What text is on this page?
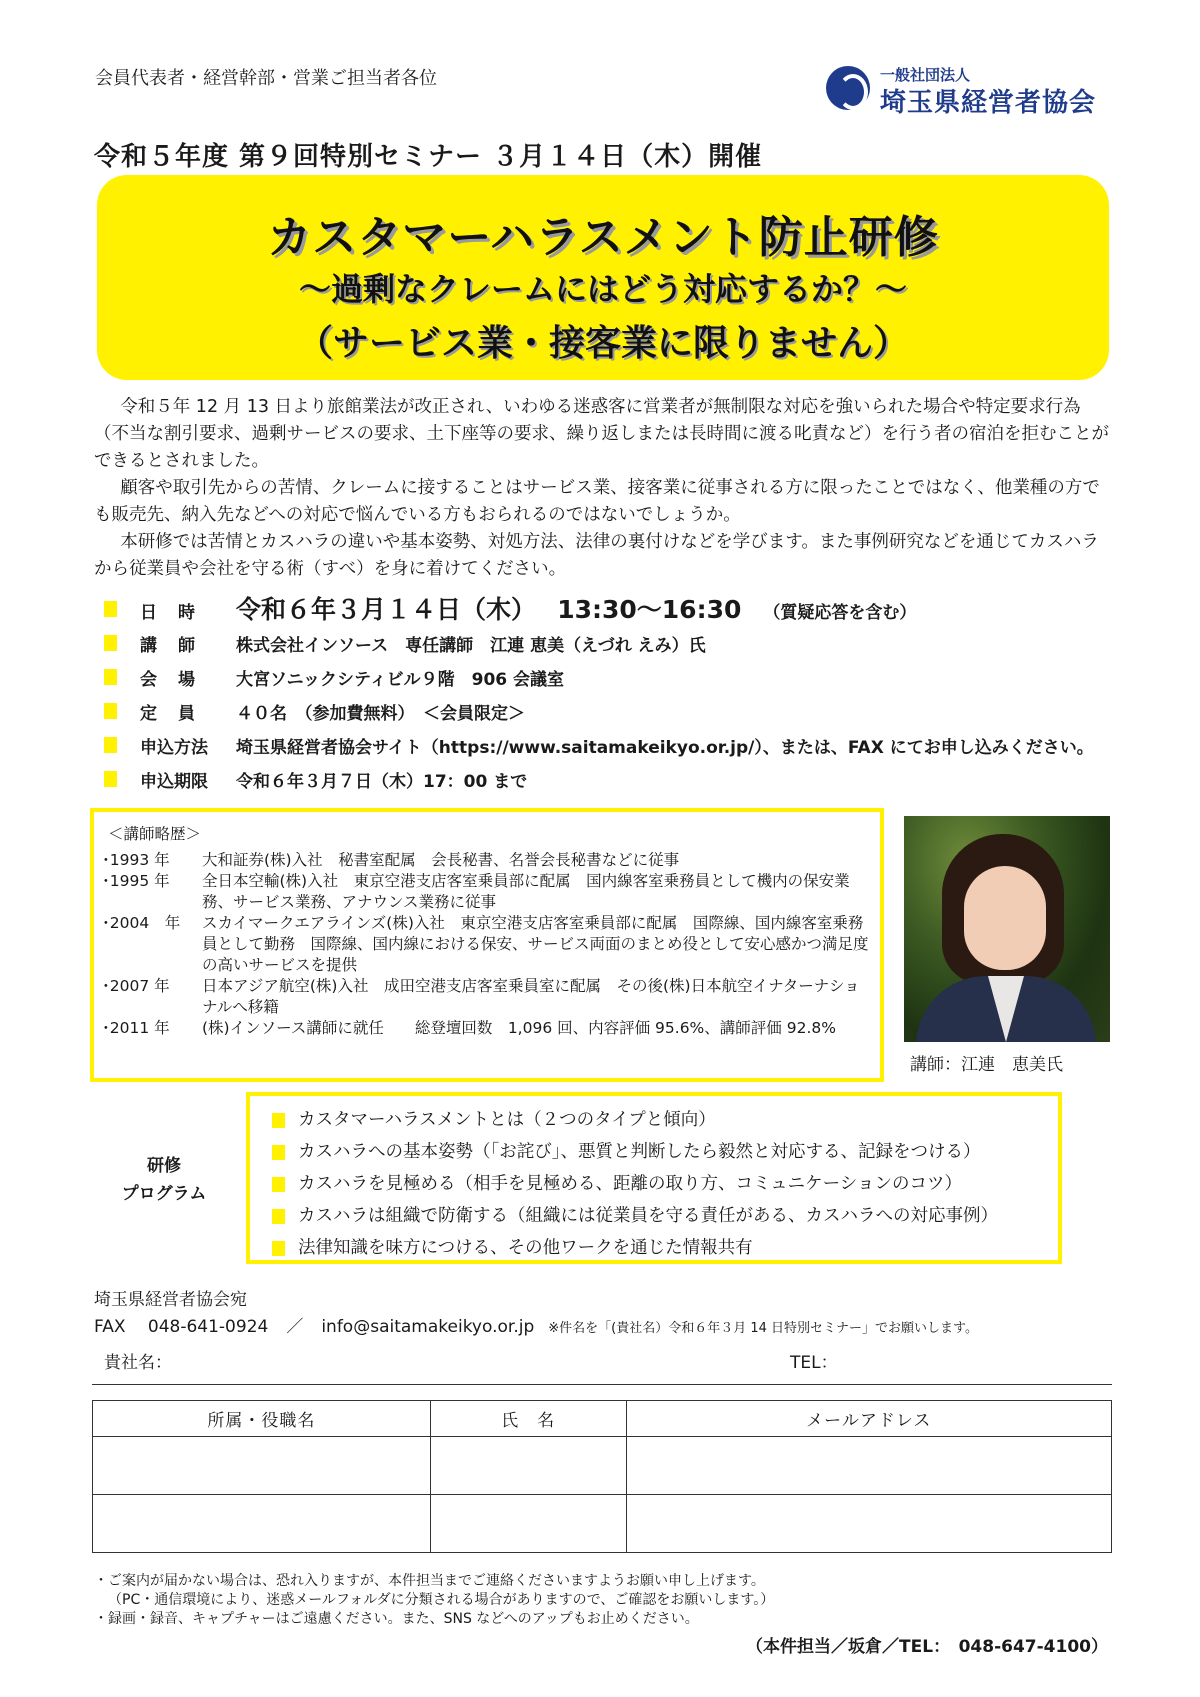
会員代表者・経営幹部・営業ご担当者各位	一般社団法人
埼玉県経営者協会
令和５年度 第９回特別セミナー ３月１４日（木）開催
カスタマーハラスメント防止研修
～過剰なクレームにはどう対応するか？～
（サービス業・接客業に限りません）

令和５年 12 月 13 日より旅館業法が改正され、いわゆる迷惑客に営業者が無制限な対応を強いられた場合や特定要求行為（不当な割引要求、過剰サービスの要求、土下座等の要求、繰り返しまたは長時間に渡る叱責など）を行う者の宿泊を拒むことができるとされました。

顧客や取引先からの苦情、クレームに接することはサービス業、接客業に従事される方に限ったことではなく、他業種の方でも販売先、納入先などへの対応で悩んでいる方もおられるのではないでしょうか。

本研修では苦情とカスハラの違いや基本姿勢、対処方法、法律の裏付けなどを学びます。また事例研究などを通じてカスハラから従業員や会社を守る術（すべ）を身に着けてください。

日　時 令和６年３月１４日（木）　 13:30～16:30 （質疑応答を含む）
講　師 株式会社インソース　専任講師　江連 恵美（えづれ えみ）氏
会　場 大宮ソニックシティビル９階　906 会議室
定　員 ４０名　（参加費無料）　＜会員限定＞
申込方法 埼玉県経営者協会サイト（https://www.saitamakeikyo.or.jp/）、または、FAX にてお申し込みください。
申込期限 令和６年３月７日（木）17：00 まで
＜講師略歴＞
･1993 年	大和証券(株)入社　秘書室配属　会長秘書、名誉会長秘書などに従事
･1995 年	全日本空輸(株)入社　東京空港支店客室乗員部に配属　国内線客室乗務員として機内の保安業務、サービス業務、アナウンス業務に従事
･2004　年	スカイマークエアラインズ(株)入社　東京空港支店客室乗員部に配属　国際線、国内線客室乗務員として勤務　国際線、国内線における保安、サービス両面のまとめ役として安心感かつ満足度の高いサービスを提供
･2007 年	日本アジア航空(株)入社　成田空港支店客室乗員室に配属　その後(株)日本航空イナターナショナルへ移籍
･2011 年	(株)インソース講師に就任　　総登壇回数　1,096 回、内容評価 95.6%、講師評価 92.8%
講師：江連　恵美氏
研修
プログラム
カスタマーハラスメントとは（２つのタイプと傾向）
カスハラへの基本姿勢（「お詫び」、悪質と判断したら毅然と対応する、記録をつける）
カスハラを見極める（相手を見極める、距離の取り方、コミュニケーションのコツ）
カスハラは組織で防衛する（組織には従業員を守る責任がある、カスハラへの対応事例）
法律知識を味方につける、その他ワークを通じた情報共有
埼玉県経営者協会宛
FAX　 048-641-0924 ／ info@saitamakeikyo.or.jp ※件名を「(貴社名）令和６年３月 14 日特別セミナー」でお願いします。
貴社名：	TEL：
所属・役職名	氏　名	メールアドレス

・ご案内が届かない場合は、恐れ入りますが、本件担当までご連絡くださいますようお願い申し上げます。
（PC・通信環境により、迷惑メールフォルダに分類される場合がありますので、ご確認をお願いします。）
・録画・録音、キャプチャーはご遠慮ください。また、SNS などへのアップもお止めください。
（本件担当／坂倉／TEL：　048-647-4100）
